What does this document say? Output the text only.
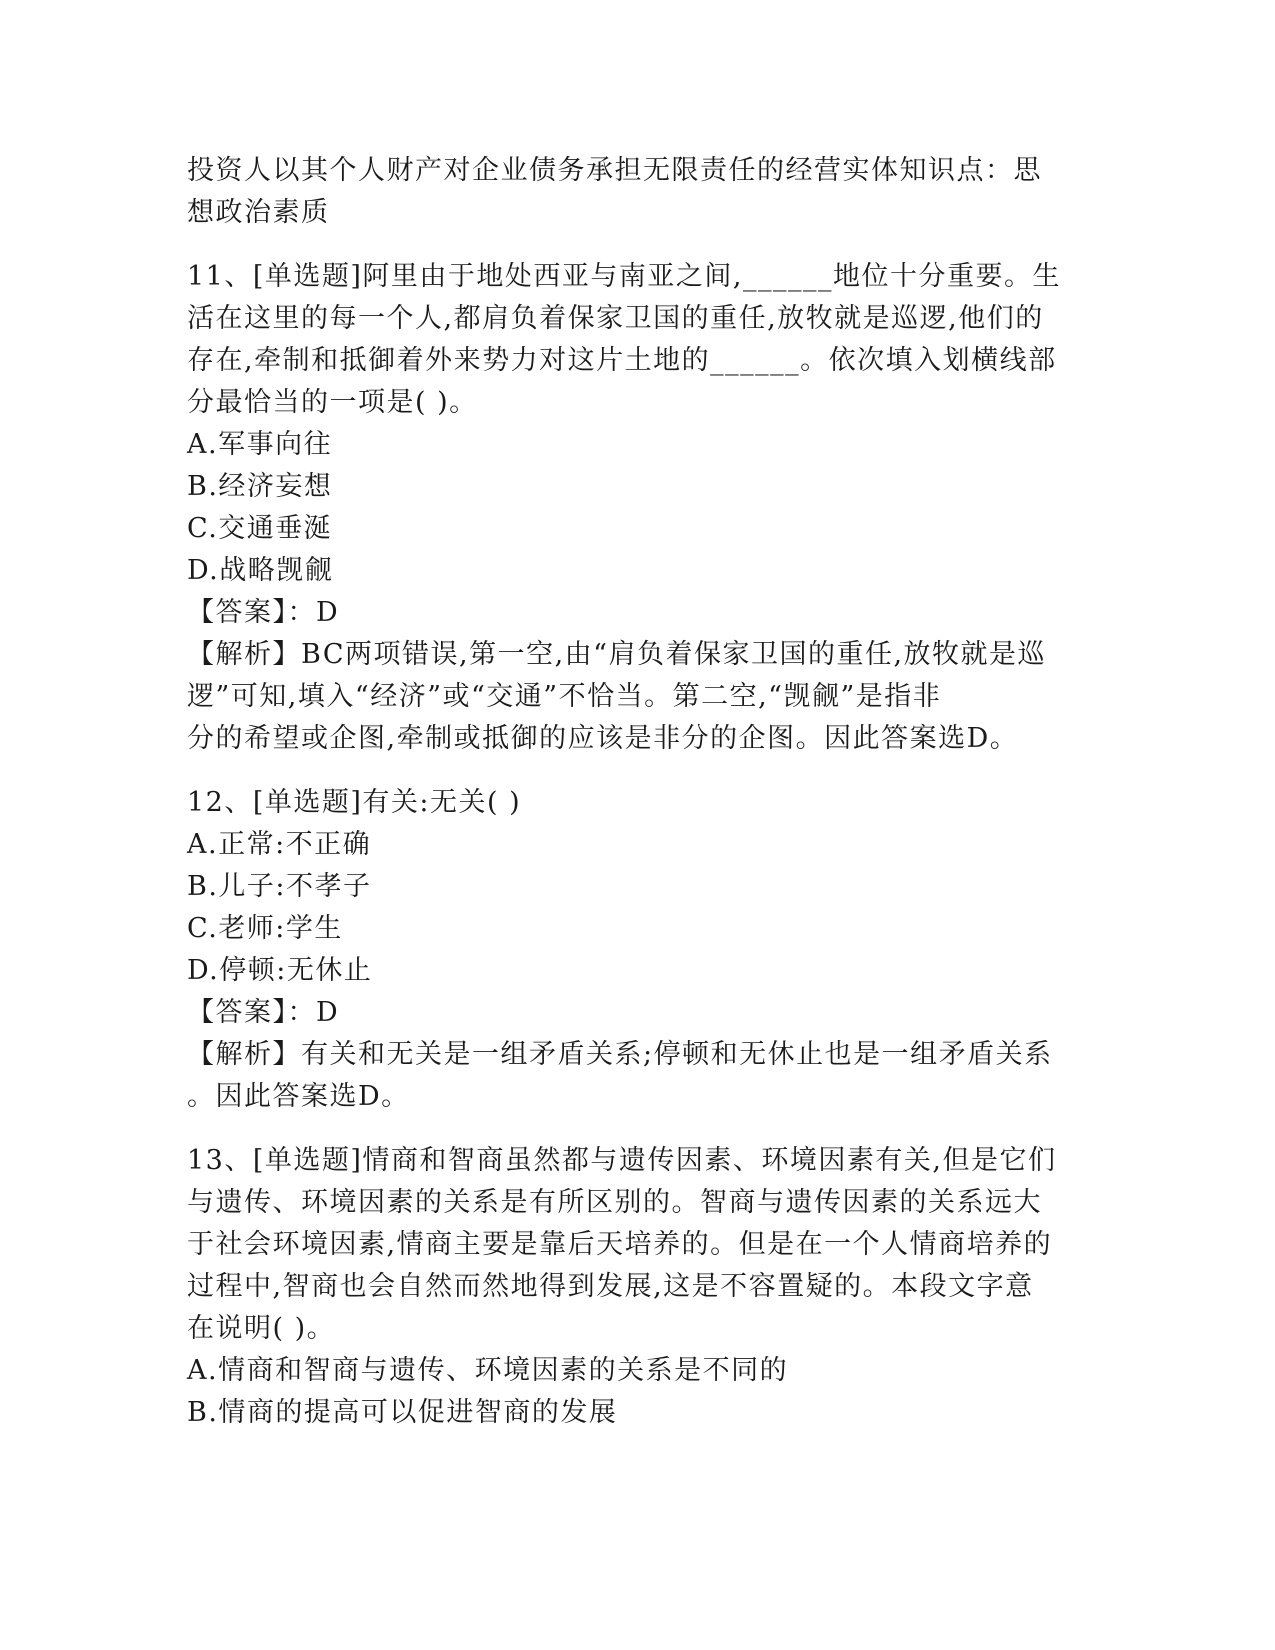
投资人以其个人财产对企业债务承担无限责任的经营实体知识点：思
想政治素质
11、[单选题]阿里由于地处西亚与南亚之间,______地位十分重要。生
活在这里的每一个人,都肩负着保家卫国的重任,放牧就是巡逻,他们的
存在,牵制和抵御着外来势力对这片土地的______。依次填入划横线部
分最恰当的一项是( )。
A.军事向往
B.经济妄想
C.交通垂涎
D.战略觊觎
【答案】：D
【解析】BC两项错误,第一空,由“肩负着保家卫国的重任,放牧就是巡
逻”可知,填入“经济”或“交通”不恰当。第二空,“觊觎”是指非
分的希望或企图,牵制或抵御的应该是非分的企图。因此答案选D。
12、[单选题]有关:无关( )
A.正常:不正确
B.儿子:不孝子
C.老师:学生
D.停顿:无休止
【答案】：D
【解析】有关和无关是一组矛盾关系;停顿和无休止也是一组矛盾关系
。因此答案选D。
13、[单选题]情商和智商虽然都与遗传因素、环境因素有关,但是它们
与遗传、环境因素的关系是有所区别的。智商与遗传因素的关系远大
于社会环境因素,情商主要是靠后天培养的。但是在一个人情商培养的
过程中,智商也会自然而然地得到发展,这是不容置疑的。本段文字意
在说明( )。
A.情商和智商与遗传、环境因素的关系是不同的
B.情商的提高可以促进智商的发展
